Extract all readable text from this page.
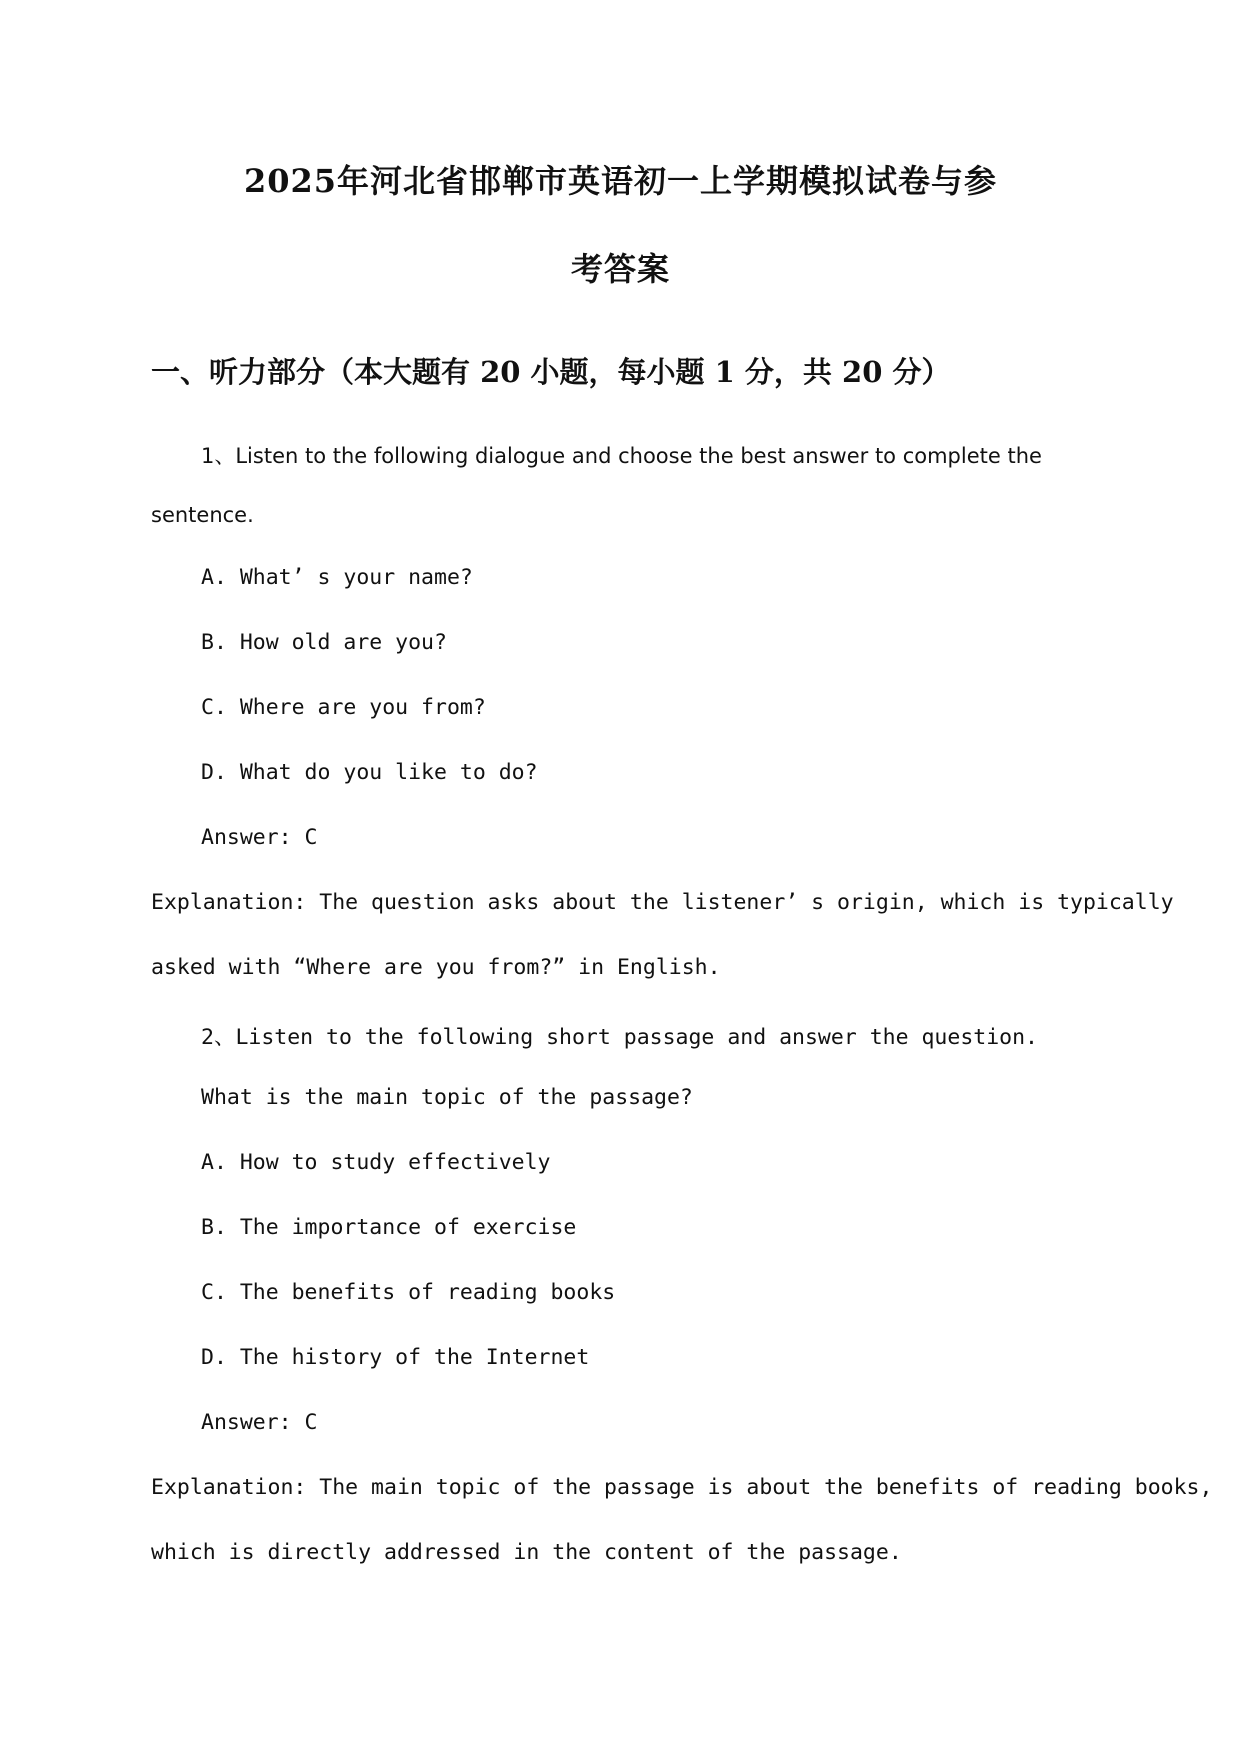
2025年河北省邯郸市英语初一上学期模拟试卷与参
考答案
一、听力部分（本大题有 20 小题，每小题 1 分，共 20 分）

1、Listen to the following dialogue and choose the best answer to complete the

sentence.

A. What’ s your name?

B. How old are you?

C. Where are you from?

D. What do you like to do?

Answer: C

Explanation: The question asks about the listener’ s origin, which is typically

asked with “Where are you from?” in English.

2、Listen to the following short passage and answer the question.

What is the main topic of the passage?

A. How to study effectively

B. The importance of exercise

C. The benefits of reading books

D. The history of the Internet

Answer: C

Explanation: The main topic of the passage is about the benefits of reading books,

which is directly addressed in the content of the passage.
